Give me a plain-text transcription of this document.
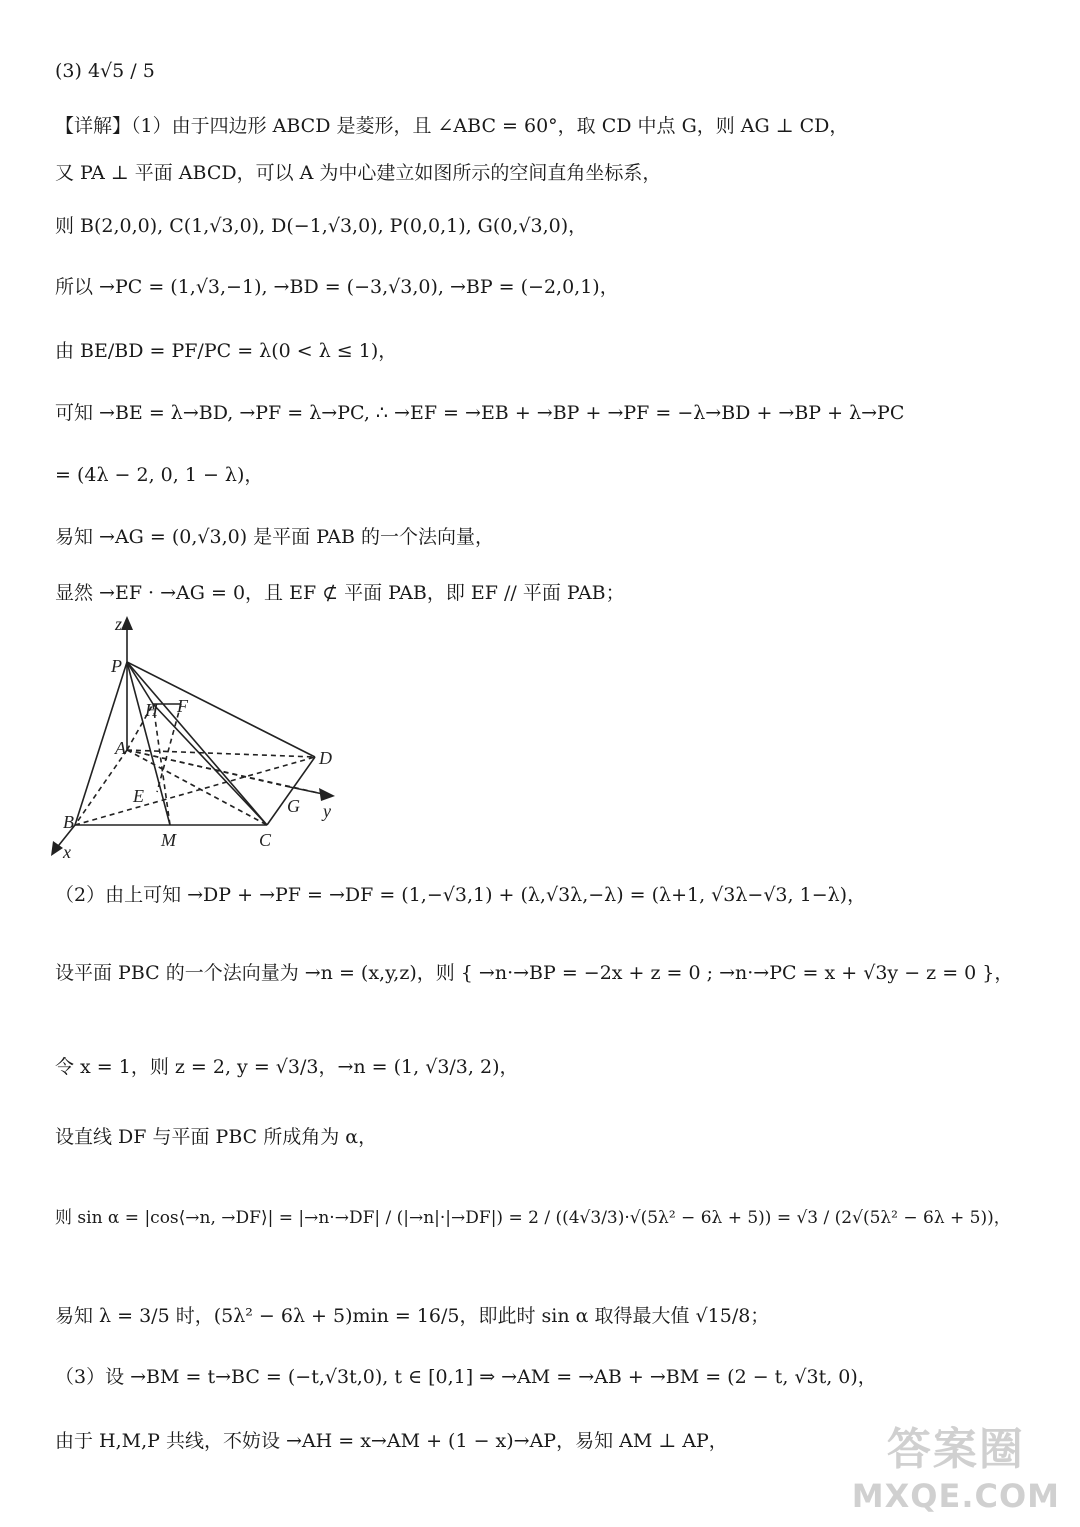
(3) 4√5 / 5
【详解】（1）由于四边形 ABCD 是菱形，且 ∠ABC = 60°，取 CD 中点 G，则 AG ⊥ CD，
又 PA ⊥ 平面 ABCD，可以 A 为中心建立如图所示的空间直角坐标系，
则 B(2,0,0), C(1,√3,0), D(−1,√3,0), P(0,0,1), G(0,√3,0)，
所以 →PC = (1,√3,−1), →BD = (−3,√3,0), →BP = (−2,0,1)，
由 BE/BD = PF/PC = λ(0 < λ ≤ 1)，
可知 →BE = λ→BD, →PF = λ→PC, ∴ →EF = →EB + →BP + →PF = −λ→BD + →BP + λ→PC
= (4λ − 2, 0, 1 − λ)，
易知 →AG = (0,√3,0) 是平面 PAB 的一个法向量，
显然 →EF · →AG = 0，且 EF ⊄ 平面 PAB，即 EF // 平面 PAB；
z
P
H F
A	D
E	G y
B
M	C
x
（2）由上可知 →DP + →PF = →DF = (1,−√3,1) + (λ,√3λ,−λ) = (λ+1, √3λ−√3, 1−λ)，
设平面 PBC 的一个法向量为 →n = (x,y,z)，则 { →n·→BP = −2x + z = 0 ; →n·→PC = x + √3y − z = 0 }，
令 x = 1，则 z = 2, y = √3/3，→n = (1, √3/3, 2)，
设直线 DF 与平面 PBC 所成角为 α，
则 sin α = |cos⟨→n, →DF⟩| = |→n·→DF| / (|→n|·|→DF|) = 2 / ((4√3/3)·√(5λ² − 6λ + 5)) = √3 / (2√(5λ² − 6λ + 5))，
易知 λ = 3/5 时，(5λ² − 6λ + 5)min = 16/5，即此时 sin α 取得最大值 √15/8；
（3）设 →BM = t→BC = (−t,√3t,0), t ∈ [0,1] ⇒ →AM = →AB + →BM = (2 − t, √3t, 0)，
由于 H,M,P 共线，不妨设 →AH = x→AM + (1 − x)→AP，易知 AM ⊥ AP，	答案圈
MXQE.COM
